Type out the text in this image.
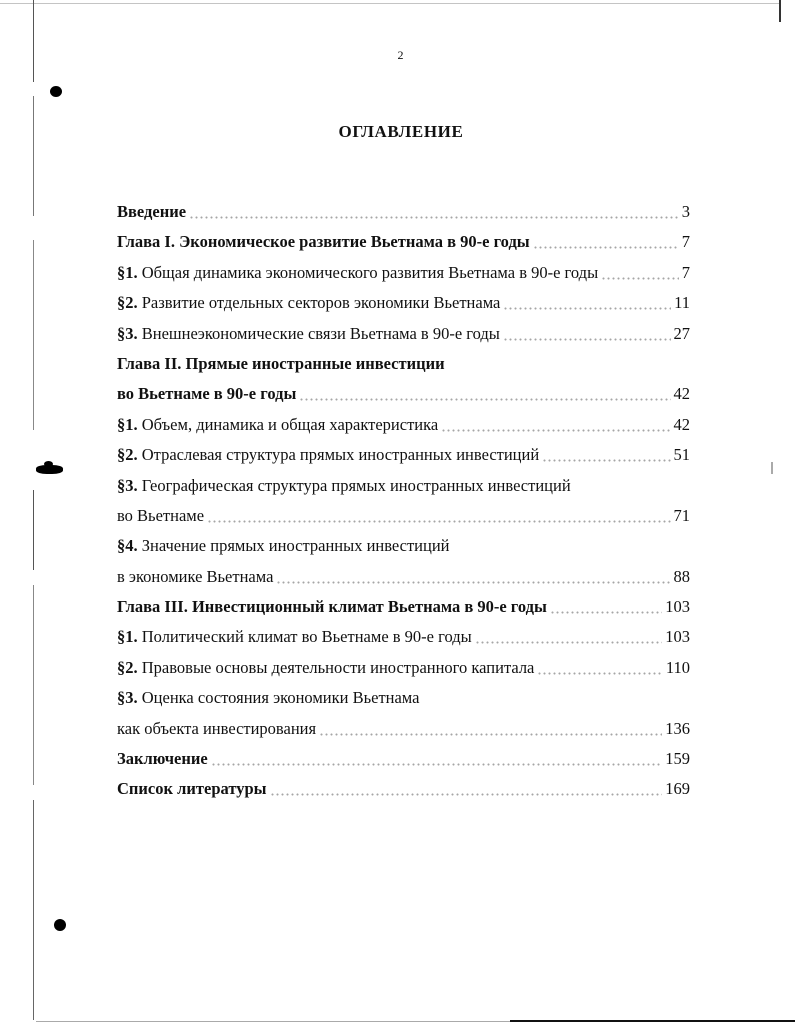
2
ОГЛАВЛЕНИЕ
Введение	3
Глава I. Экономическое развитие Вьетнама в 90-е годы	7
§1. Общая динамика экономического развития Вьетнама в 90-е годы	7
§2. Развитие отдельных секторов экономики Вьетнама	11
§3. Внешнеэкономические связи Вьетнама в 90-е годы	27
Глава II. Прямые иностранные инвестиции
во Вьетнаме в 90-е годы	42
§1. Объем, динамика и общая характеристика	42
§2. Отраслевая структура прямых иностранных инвестиций	51
§3. Географическая структура прямых иностранных инвестиций
во Вьетнаме	71
§4. Значение прямых иностранных инвестиций
в экономике Вьетнама	88
Глава III. Инвестиционный климат Вьетнама в 90-е годы	103
§1. Политический климат во Вьетнаме в 90-е годы	103
§2. Правовые основы деятельности иностранного капитала	110
§3. Оценка состояния экономики Вьетнама
как объекта инвестирования	136
Заключение	159
Список литературы	169
